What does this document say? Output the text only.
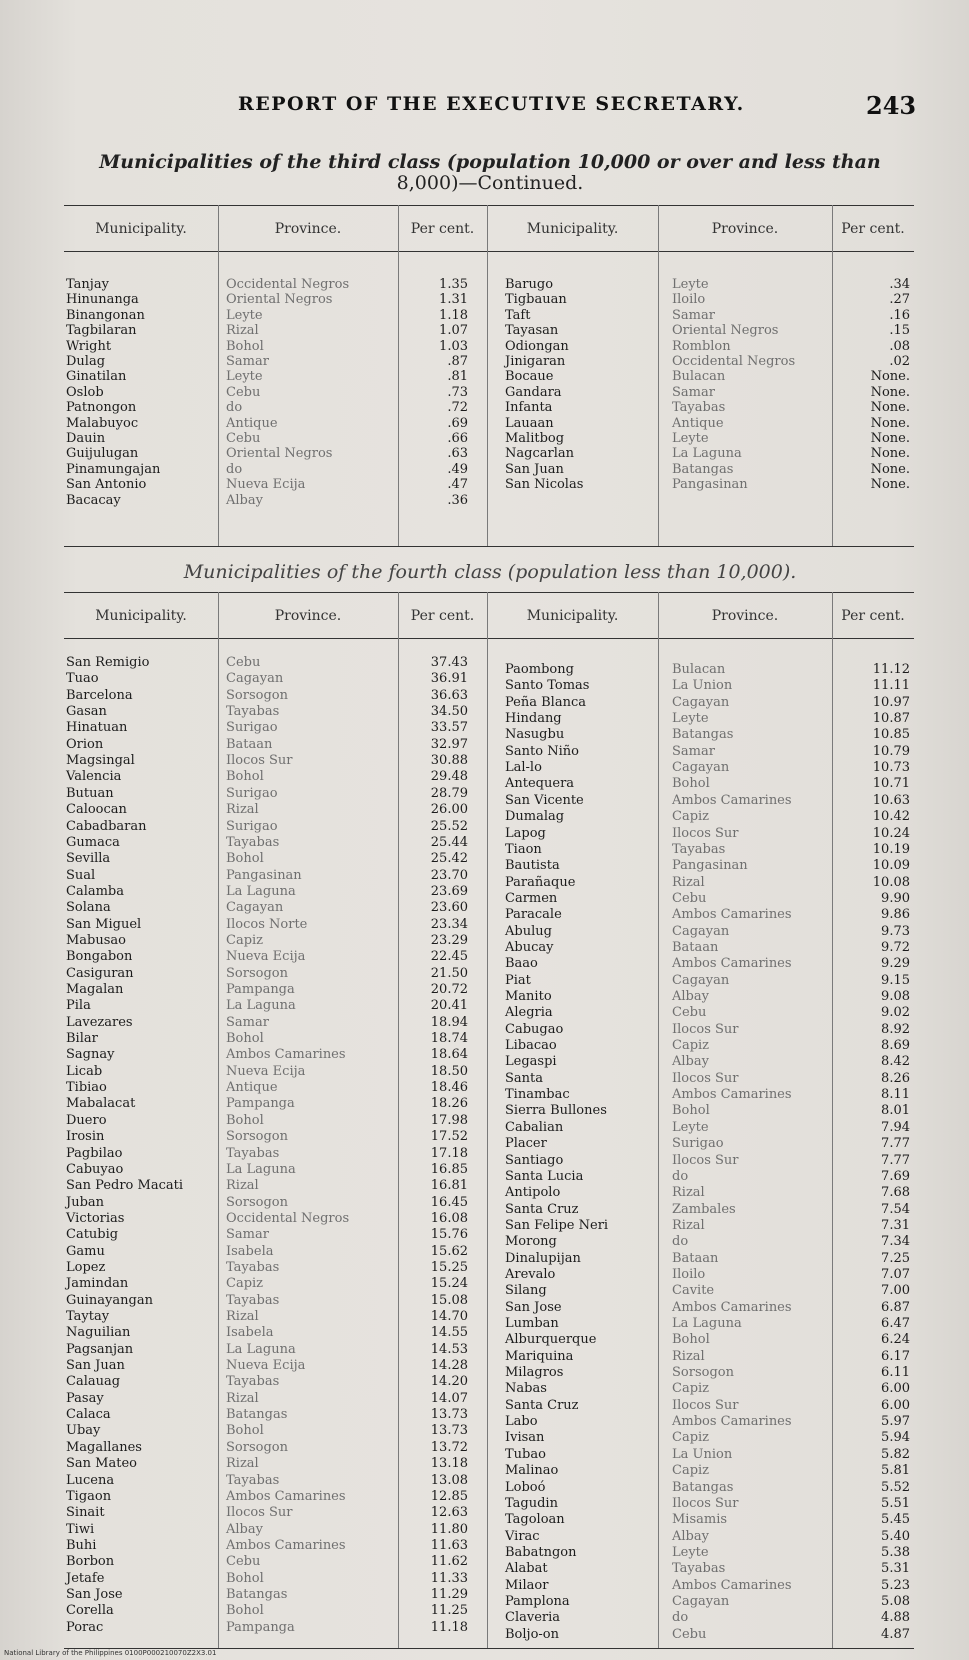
REPORT OF THE EXECUTIVE SECRETARY.	243
Municipalities of the third class (population 10,000 or over and less than
8,000)—Continued.
Municipality.	Province.	Per cent.	Municipality.	Province.	Per cent.
Tanjay	Occidental Negros	1.35
Hinunanga	Oriental Negros	1.31
Binangonan	Leyte	1.18
Tagbilaran	Rizal	1.07
Wright	Bohol	1.03
Dulag	Samar	.87
Ginatilan	Leyte	.81
Oslob	Cebu	.73
Patnongon	do	.72
Malabuyoc	Antique	.69
Dauin	Cebu	.66
Guijulugan	Oriental Negros	.63
Pinamungajan	do	.49
San Antonio	Nueva Ecija	.47
Bacacay	Albay	.36
Barugo	Leyte	.34
Tigbauan	Iloilo	.27
Taft	Samar	.16
Tayasan	Oriental Negros	.15
Odiongan	Romblon	.08
Jinigaran	Occidental Negros	.02
Bocaue	Bulacan	None.
Gandara	Samar	None.
Infanta	Tayabas	None.
Lauaan	Antique	None.
Malitbog	Leyte	None.
Nagcarlan	La Laguna	None.
San Juan	Batangas	None.
San Nicolas	Pangasinan	None.
Municipalities of the fourth class (population less than 10,000).
Municipality.	Province.	Per cent.	Municipality.	Province.	Per cent.
San Remigio	Cebu	37.43
Tuao	Cagayan	36.91
Barcelona	Sorsogon	36.63
Gasan	Tayabas	34.50
Hinatuan	Surigao	33.57
Orion	Bataan	32.97
Magsingal	Ilocos Sur	30.88
Valencia	Bohol	29.48
Butuan	Surigao	28.79
Caloocan	Rizal	26.00
Cabadbaran	Surigao	25.52
Gumaca	Tayabas	25.44
Sevilla	Bohol	25.42
Sual	Pangasinan	23.70
Calamba	La Laguna	23.69
Solana	Cagayan	23.60
San Miguel	Ilocos Norte	23.34
Mabusao	Capiz	23.29
Bongabon	Nueva Ecija	22.45
Casiguran	Sorsogon	21.50
Magalan	Pampanga	20.72
Pila	La Laguna	20.41
Lavezares	Samar	18.94
Bilar	Bohol	18.74
Sagnay	Ambos Camarines	18.64
Licab	Nueva Ecija	18.50
Tibiao	Antique	18.46
Mabalacat	Pampanga	18.26
Duero	Bohol	17.98
Irosin	Sorsogon	17.52
Pagbilao	Tayabas	17.18
Cabuyao	La Laguna	16.85
San Pedro Macati	Rizal	16.81
Juban	Sorsogon	16.45
Victorias	Occidental Negros	16.08
Catubig	Samar	15.76
Gamu	Isabela	15.62
Lopez	Tayabas	15.25
Jamindan	Capiz	15.24
Guinayangan	Tayabas	15.08
Taytay	Rizal	14.70
Naguilian	Isabela	14.55
Pagsanjan	La Laguna	14.53
San Juan	Nueva Ecija	14.28
Calauag	Tayabas	14.20
Pasay	Rizal	14.07
Calaca	Batangas	13.73
Ubay	Bohol	13.73
Magallanes	Sorsogon	13.72
San Mateo	Rizal	13.18
Lucena	Tayabas	13.08
Tigaon	Ambos Camarines	12.85
Sinait	Ilocos Sur	12.63
Tiwi	Albay	11.80
Buhi	Ambos Camarines	11.63
Borbon	Cebu	11.62
Jetafe	Bohol	11.33
San Jose	Batangas	11.29
Corella	Bohol	11.25
Porac	Pampanga	11.18
Paombong	Bulacan	11.12
Santo Tomas	La Union	11.11
Peña Blanca	Cagayan	10.97
Hindang	Leyte	10.87
Nasugbu	Batangas	10.85
Santo Niño	Samar	10.79
Lal-lo	Cagayan	10.73
Antequera	Bohol	10.71
San Vicente	Ambos Camarines	10.63
Dumalag	Capiz	10.42
Lapog	Ilocos Sur	10.24
Tiaon	Tayabas	10.19
Bautista	Pangasinan	10.09
Parañaque	Rizal	10.08
Carmen	Cebu	9.90
Paracale	Ambos Camarines	9.86
Abulug	Cagayan	9.73
Abucay	Bataan	9.72
Baao	Ambos Camarines	9.29
Piat	Cagayan	9.15
Manito	Albay	9.08
Alegria	Cebu	9.02
Cabugao	Ilocos Sur	8.92
Libacao	Capiz	8.69
Legaspi	Albay	8.42
Santa	Ilocos Sur	8.26
Tinambac	Ambos Camarines	8.11
Sierra Bullones	Bohol	8.01
Cabalian	Leyte	7.94
Placer	Surigao	7.77
Santiago	Ilocos Sur	7.77
Santa Lucia	do	7.69
Antipolo	Rizal	7.68
Santa Cruz	Zambales	7.54
San Felipe Neri	Rizal	7.31
Morong	do	7.34
Dinalupijan	Bataan	7.25
Arevalo	Iloilo	7.07
Silang	Cavite	7.00
San Jose	Ambos Camarines	6.87
Lumban	La Laguna	6.47
Alburquerque	Bohol	6.24
Mariquina	Rizal	6.17
Milagros	Sorsogon	6.11
Nabas	Capiz	6.00
Santa Cruz	Ilocos Sur	6.00
Labo	Ambos Camarines	5.97
Ivisan	Capiz	5.94
Tubao	La Union	5.82
Malinao	Capiz	5.81
Loboó	Batangas	5.52
Tagudin	Ilocos Sur	5.51
Tagoloan	Misamis	5.45
Virac	Albay	5.40
Babatngon	Leyte	5.38
Alabat	Tayabas	5.31
Milaor	Ambos Camarines	5.23
Pamplona	Cagayan	5.08
Claveria	do	4.88
Boljo-on	Cebu	4.87
National Library of the Philippines 0100P000210070Z2X3.01
